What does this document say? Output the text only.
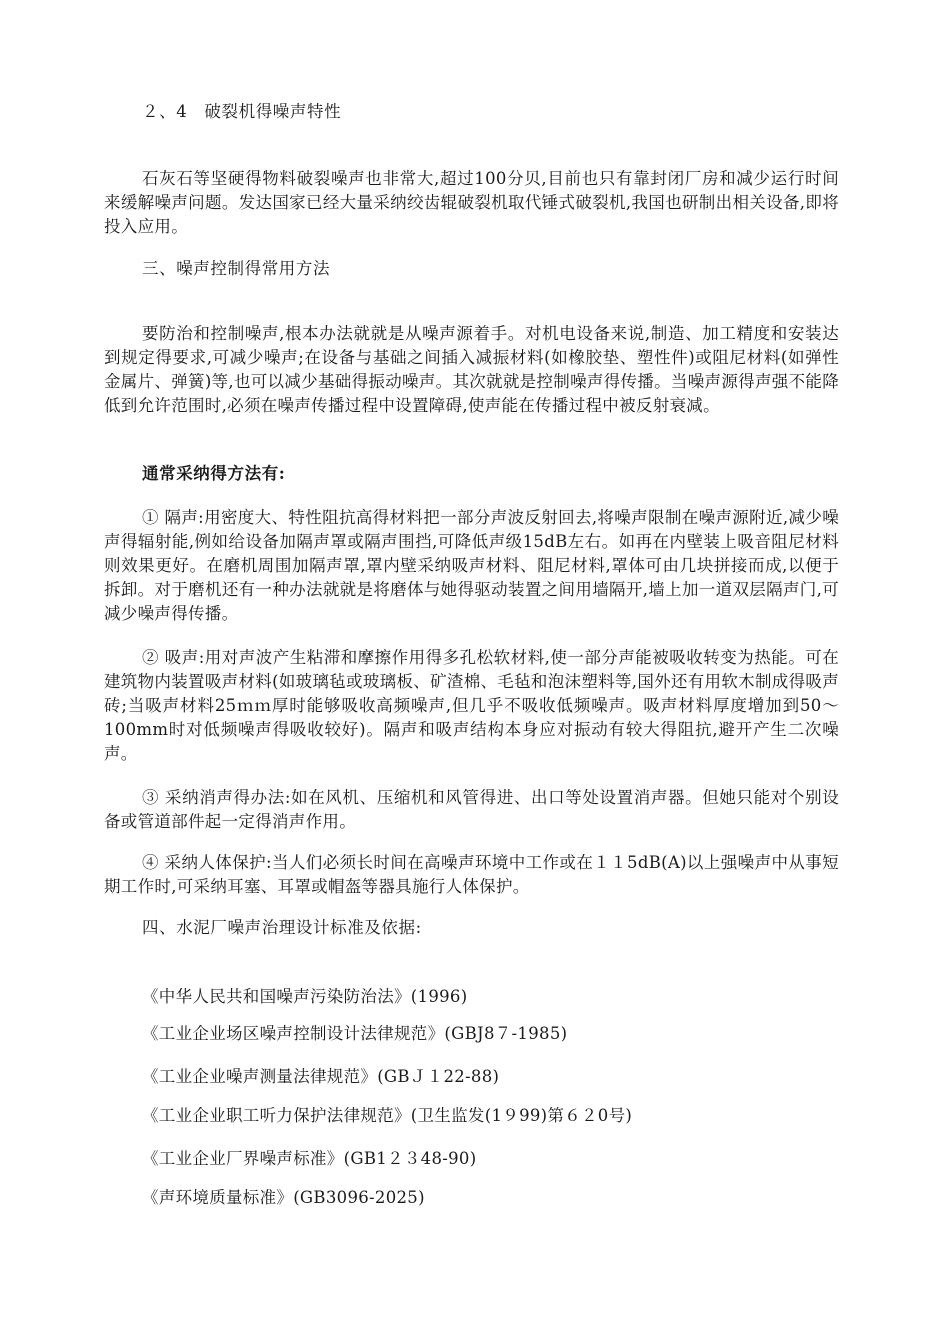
２、4　破裂机得噪声特性

石灰石等坚硬得物料破裂噪声也非常大,超过100分贝,目前也只有靠封闭厂房和减少运行时间来缓解噪声问题。发达国家已经大量采纳绞齿辊破裂机取代锤式破裂机,我国也研制出相关设备,即将投入应用。

三、噪声控制得常用方法

要防治和控制噪声,根本办法就就是从噪声源着手。对机电设备来说,制造、加工精度和安装达到规定得要求,可减少噪声;在设备与基础之间插入减振材料(如橡胶垫、塑性件)或阻尼材料(如弹性金属片、弹簧)等,也可以减少基础得振动噪声。其次就就是控制噪声得传播。当噪声源得声强不能降低到允许范围时,必须在噪声传播过程中设置障碍,使声能在传播过程中被反射衰减。

通常采纳得方法有:

① 隔声:用密度大、特性阻抗高得材料把一部分声波反射回去,将噪声限制在噪声源附近,减少噪声得辐射能,例如给设备加隔声罩或隔声围挡,可降低声级15dB左右。如再在内壁装上吸音阻尼材料则效果更好。在磨机周围加隔声罩,罩内壁采纳吸声材料、阻尼材料,罩体可由几块拼接而成,以便于拆卸。对于磨机还有一种办法就就是将磨体与她得驱动装置之间用墙隔开,墙上加一道双层隔声门,可减少噪声得传播。

② 吸声:用对声波产生粘滞和摩擦作用得多孔松软材料,使一部分声能被吸收转变为热能。可在建筑物内装置吸声材料(如玻璃毡或玻璃板、矿渣棉、毛毡和泡沫塑料等,国外还有用软木制成得吸声砖;当吸声材料25ｍｍ厚时能够吸收高频噪声,但几乎不吸收低频噪声。吸声材料厚度增加到50～100mm时对低频噪声得吸收较好)。隔声和吸声结构本身应对振动有较大得阻抗,避开产生二次噪声。

③ 采纳消声得办法:如在风机、压缩机和风管得进、出口等处设置消声器。但她只能对个别设备或管道部件起一定得消声作用。

④ 采纳人体保护:当人们必须长时间在高噪声环境中工作或在１１5dB(A)以上强噪声中从事短期工作时,可采纳耳塞、耳罩或帽盔等器具施行人体保护。

四、水泥厂噪声治理设计标准及依据:

《中华人民共和国噪声污染防治法》(1996)

《工业企业场区噪声控制设计法律规范》(GBJ8７-1985)

《工业企业噪声测量法律规范》(GBＪ１22-88)

《工业企业职工听力保护法律规范》(卫生监发(1９99)第６２0号)

《工业企业厂界噪声标准》(GB1２３48-90)

《声环境质量标准》(GB3096-2025)
